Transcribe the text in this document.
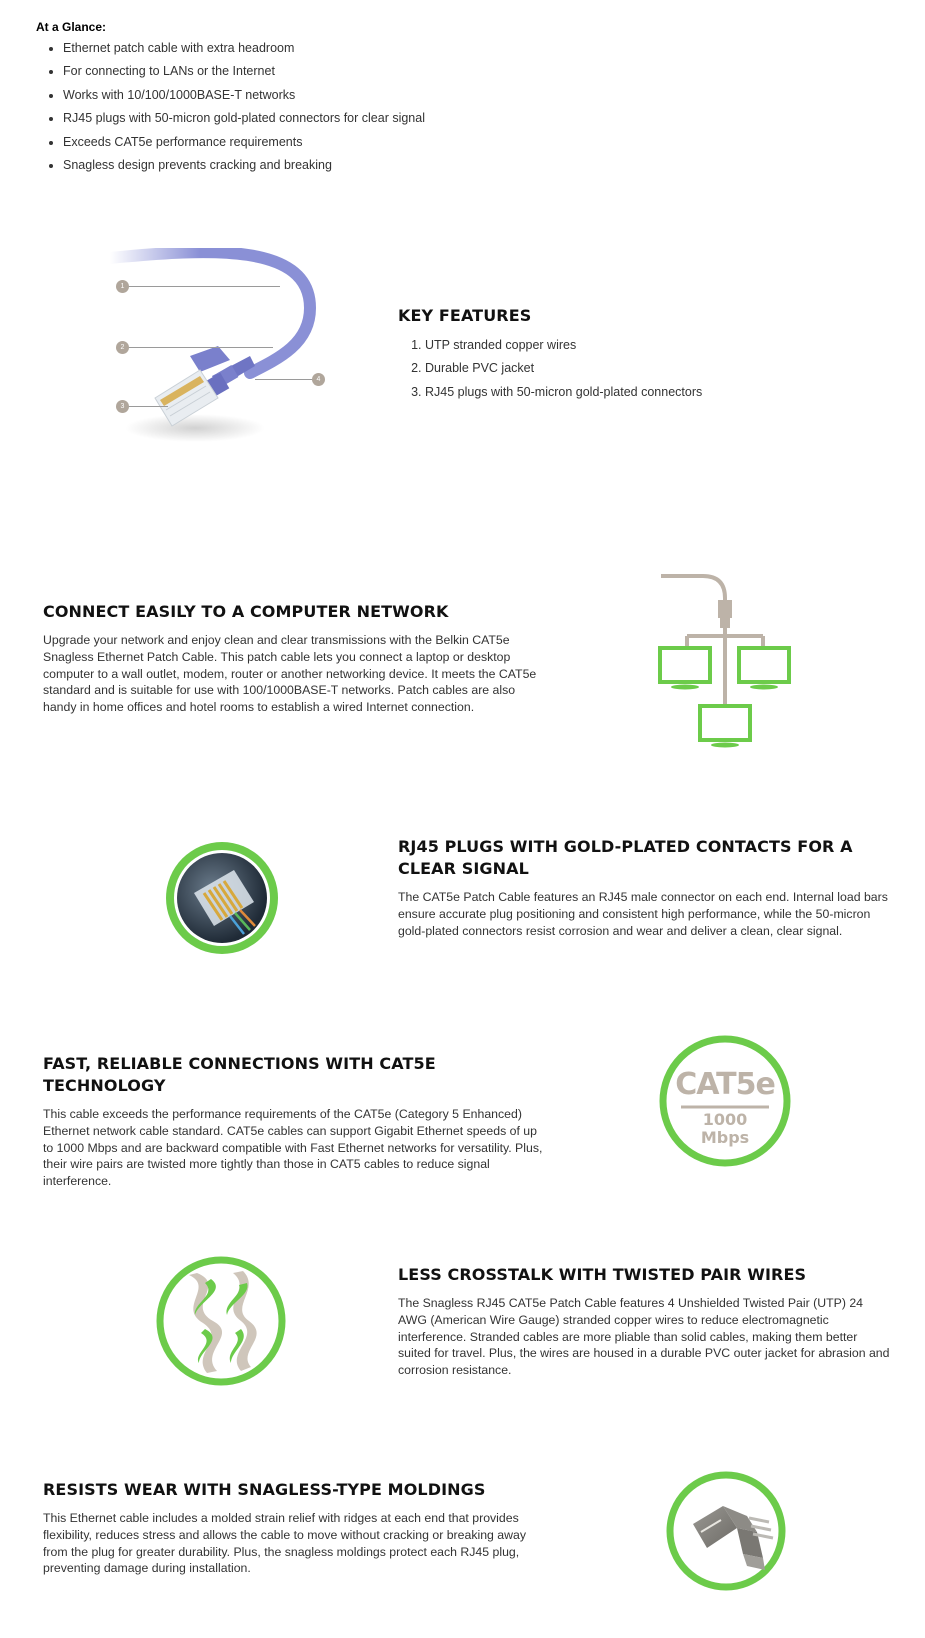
At a Glance:
• Ethernet patch cable with extra headroom
• For connecting to LANs or the Internet
• Works with 10/100/1000BASE-T networks
• RJ45 plugs with 50-micron gold-plated connectors for clear signal
• Exceeds CAT5e performance requirements
• Snagless design prevents cracking and breaking
1
2
3
4
KEY FEATURES
1. UTP stranded copper wires
2. Durable PVC jacket
3. RJ45 plugs with 50-micron gold-plated connectors
CONNECT EASILY TO A COMPUTER NETWORK

Upgrade your network and enjoy clean and clear transmissions with the Belkin CAT5e Snagless Ethernet Patch Cable. This patch cable lets you connect a laptop or desktop computer to a wall outlet, modem, router or another networking device. It meets the CAT5e standard and is suitable for use with 100/1000BASE-T networks. Patch cables are also handy in home offices and hotel rooms to establish a wired Internet connection.

RJ45 PLUGS WITH GOLD-PLATED CONTACTS FOR A CLEAR SIGNAL

The CAT5e Patch Cable features an RJ45 male connector on each end. Internal load bars ensure accurate plug positioning and consistent high performance, while the 50-micron gold-plated connectors resist corrosion and wear and deliver a clean, clear signal.

FAST, RELIABLE CONNECTIONS WITH CAT5E TECHNOLOGY

This cable exceeds the performance requirements of the CAT5e (Category 5 Enhanced) Ethernet network cable standard. CAT5e cables can support Gigabit Ethernet speeds of up to 1000 Mbps and are backward compatible with Fast Ethernet networks for versatility. Plus, their wire pairs are twisted more tightly than those in CAT5 cables to reduce signal interference.

CAT5e
1000
Mbps
LESS CROSSTALK WITH TWISTED PAIR WIRES

The Snagless RJ45 CAT5e Patch Cable features 4 Unshielded Twisted Pair (UTP) 24 AWG (American Wire Gauge) stranded copper wires to reduce electromagnetic interference. Stranded cables are more pliable than solid cables, making them better suited for travel. Plus, the wires are housed in a durable PVC outer jacket for abrasion and corrosion resistance.

RESISTS WEAR WITH SNAGLESS-TYPE MOLDINGS

This Ethernet cable includes a molded strain relief with ridges at each end that provides flexibility, reduces stress and allows the cable to move without cracking or breaking away from the plug for greater durability. Plus, the snagless moldings protect each RJ45 plug, preventing damage during installation.
